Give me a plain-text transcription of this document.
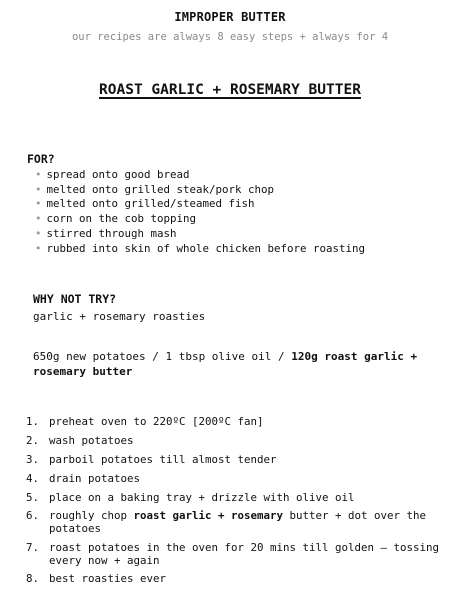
IMPROPER BUTTER
our recipes are always 8 easy steps + always for 4
ROAST GARLIC + ROSEMARY BUTTER
FOR?
• spread onto good bread
• melted onto grilled steak/pork chop
• melted onto grilled/steamed fish
• corn on the cob topping
• stirred through mash
• rubbed into skin of whole chicken before roasting
WHY NOT TRY?
garlic + rosemary roasties
650g new potatoes / 1 tbsp olive oil / 120g roast garlic + rosemary butter
1. preheat oven to 220ºC [200ºC fan]
2. wash potatoes
3. parboil potatoes till almost tender
4. drain potatoes
5. place on a baking tray + drizzle with olive oil
6. roughly chop roast garlic + rosemary butter + dot over the potatoes
7. roast potatoes in the oven for 20 mins till golden – tossing every now + again
8. best roasties ever
